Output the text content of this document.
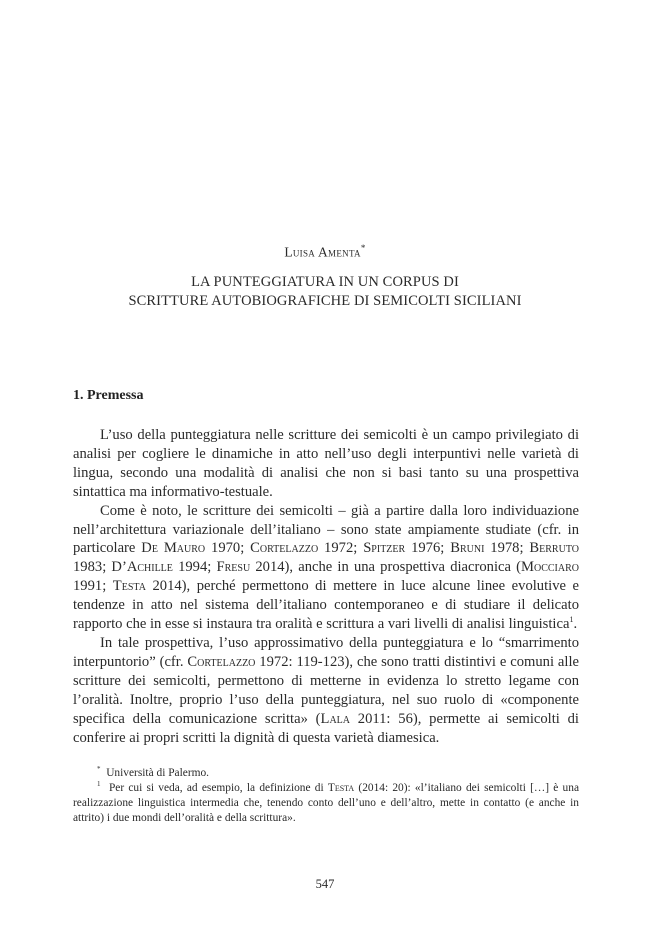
Luisa Amenta*
LA PUNTEGGIATURA IN UN CORPUS DI
SCRITTURE AUTOBIOGRAFICHE DI SEMICOLTI SICILIANI
1. Premessa

L’uso della punteggiatura nelle scritture dei semicolti è un campo privilegiato di analisi per cogliere le dinamiche in atto nell’uso degli interpuntivi nelle varietà di lingua, secondo una modalità di analisi che non si basi tanto su una prospettiva sintattica ma informativo-testuale.

Come è noto, le scritture dei semicolti – già a partire dalla loro individuazione nell’architettura variazionale dell’italiano – sono state ampiamente studiate (cfr. in particolare De Mauro 1970; Cortelazzo 1972; Spitzer 1976; Bruni 1978; Berruto 1983; D’Achille 1994; Fresu 2014), anche in una prospettiva diacronica (Mocciaro 1991; Testa 2014), perché permettono di mettere in luce alcune linee evolutive e tendenze in atto nel sistema dell’italiano contemporaneo e di studiare il delicato rapporto che in esse si instaura tra oralità e scrittura a vari livelli di analisi linguistica$^1$.

In tale prospettiva, l’uso approssimativo della punteggiatura e lo “smarrimento interpuntorio” (cfr. Cortelazzo 1972: 119-123), che sono tratti distintivi e comuni alle scritture dei semicolti, permettono di metterne in evidenza lo stretto legame con l’oralità. Inoltre, proprio l’uso della punteggiatura, nel suo ruolo di «componente specifica della comunicazione scritta» (Lala 2011: 56), permette ai semicolti di conferire ai propri scritti la dignità di questa varietà diamesica.

* Università di Palermo.

$^1$ Per cui si veda, ad esempio, la definizione di Testa (2014: 20): «l’italiano dei semicolti […] è una realizzazione linguistica intermedia che, tenendo conto dell’uno e dell’altro, mette in contatto (e anche in attrito) i due mondi dell’oralità e della scrittura».

547
